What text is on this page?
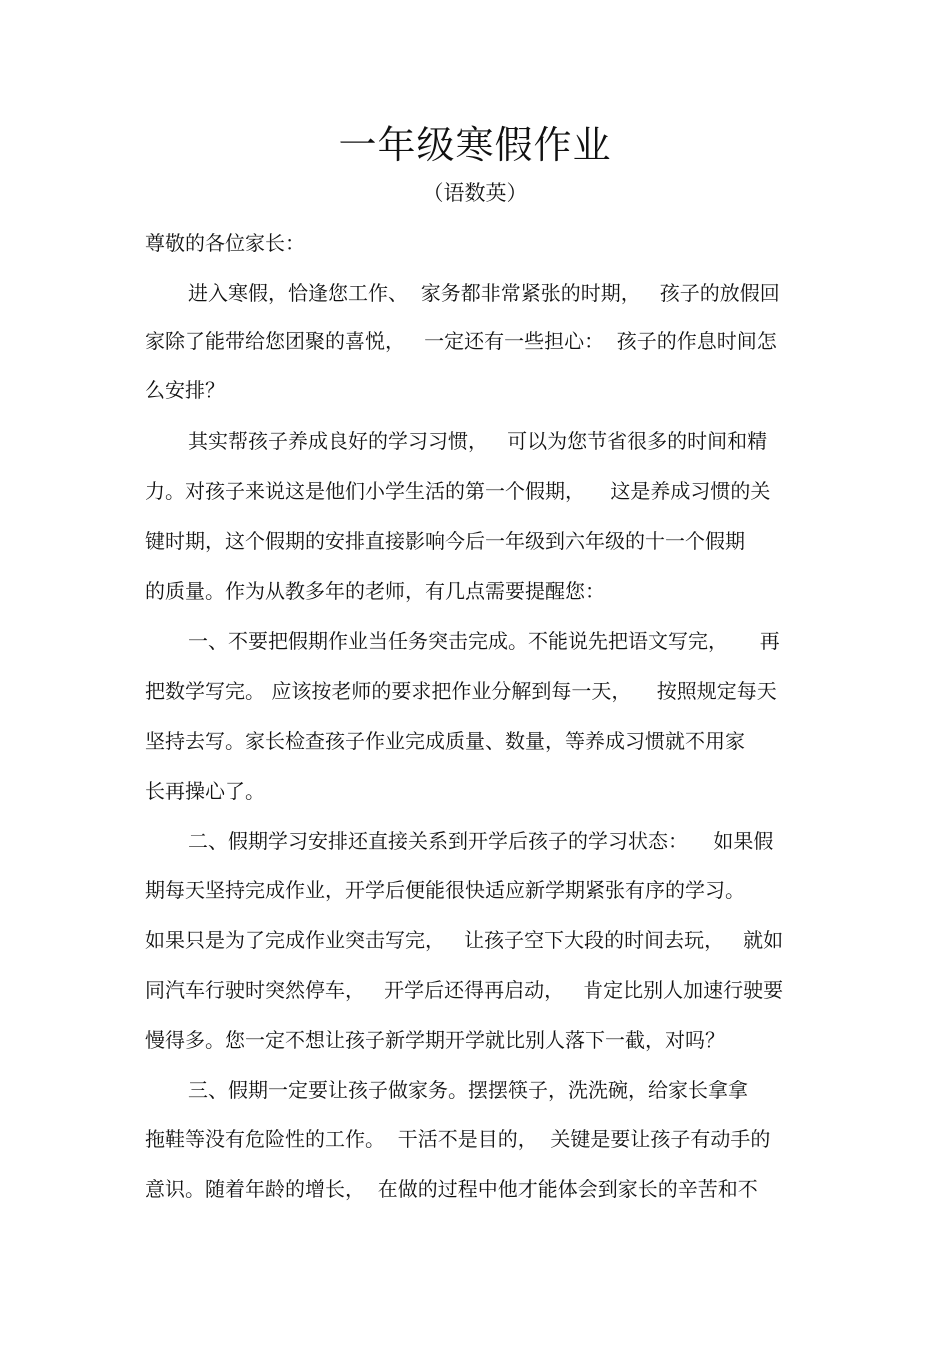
一年级寒假作业
（语数英）
尊敬的各位家长：
进入寒假，恰逢您工作、  家务都非常紧张的时期，   孩子的放假回
家除了能带给您团聚的喜悦，   一定还有一些担心：  孩子的作息时间怎
么安排？
其实帮孩子养成良好的学习习惯，   可以为您节省很多的时间和精
力。对孩子来说这是他们小学生活的第一个假期，    这是养成习惯的关
键时期，这个假期的安排直接影响今后一年级到六年级的十一个假期
的质量。作为从教多年的老师，有几点需要提醒您：
一、不要把假期作业当任务突击完成。不能说先把语文写完，     再
把数学写完。 应该按老师的要求把作业分解到每一天，    按照规定每天
坚持去写。家长检查孩子作业完成质量、数量，等养成习惯就不用家
长再操心了。
二、假期学习安排还直接关系到开学后孩子的学习状态：    如果假
期每天坚持完成作业，开学后便能很快适应新学期紧张有序的学习。
如果只是为了完成作业突击写完，   让孩子空下大段的时间去玩，   就如
同汽车行驶时突然停车，   开学后还得再启动，   肯定比别人加速行驶要
慢得多。您一定不想让孩子新学期开学就比别人落下一截，对吗？
三、假期一定要让孩子做家务。摆摆筷子，洗洗碗，给家长拿拿
拖鞋等没有危险性的工作。  干活不是目的，  关键是要让孩子有动手的
意识。随着年龄的增长，  在做的过程中他才能体会到家长的辛苦和不
